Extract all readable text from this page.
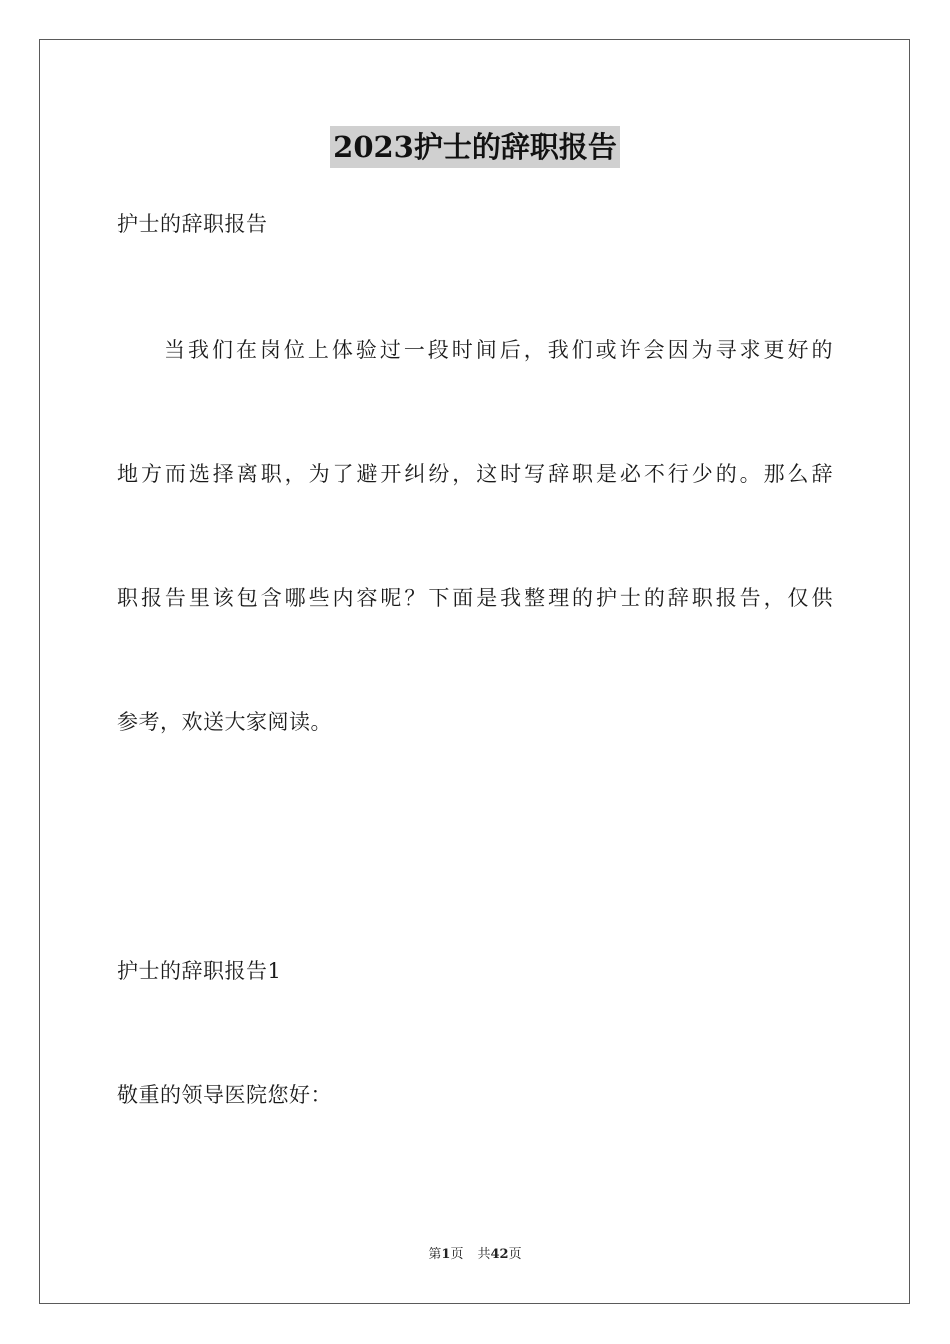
2023护士的辞职报告
护士的辞职报告
当我们在岗位上体验过一段时间后，我们或许会因为寻求更好的
地方而选择离职，为了避开纠纷，这时写辞职是必不行少的。那么辞
职报告里该包含哪些内容呢？下面是我整理的护士的辞职报告，仅供
参考，欢送大家阅读。
护士的辞职报告1
敬重的领导医院您好：
第1页 共42页
